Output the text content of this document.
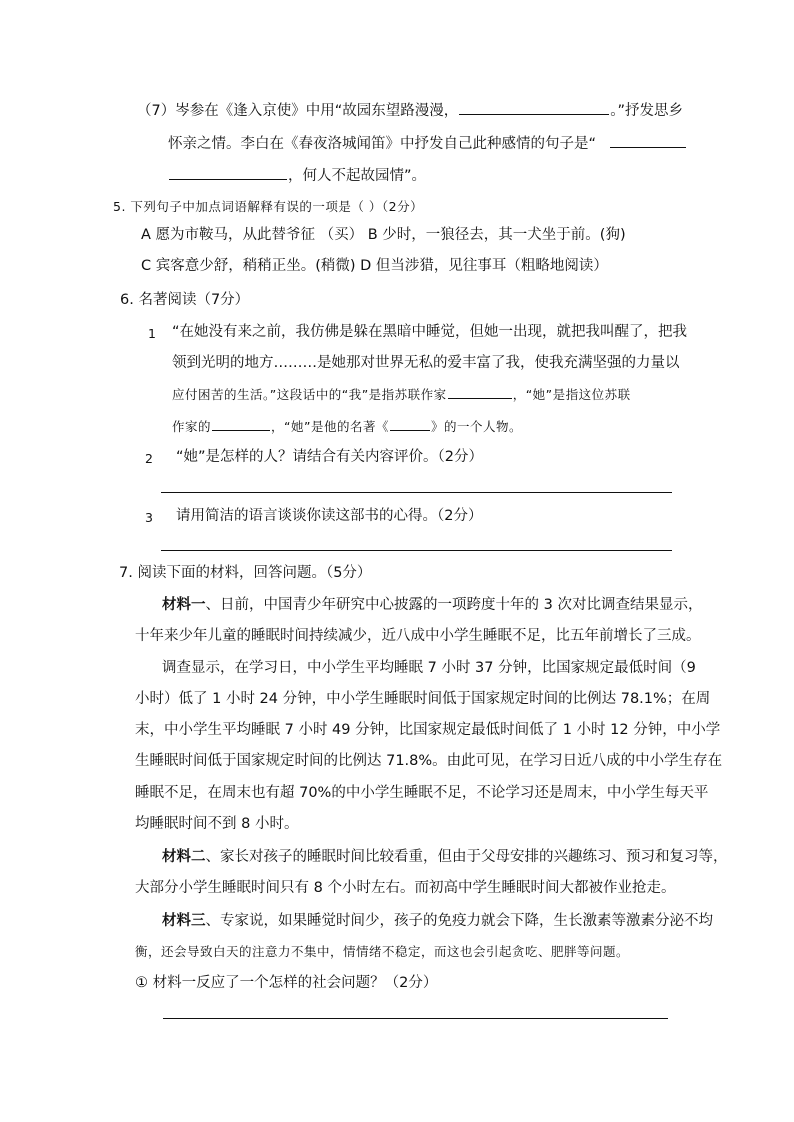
（7）岑参在《逢入京使》中用“故园东望路漫漫，	。”抒发思乡
怀亲之情。李白在《春夜洛城闻笛》中抒发自己此种感情的句子是“
，何人不起故园情”。
5. 下列句子中加点词语解释有误的一项是（ ）（2分）
A 愿为市鞍马，从此替爷征 （买） B 少时，一狼径去，其一犬坐于前。(狗)
C 宾客意少舒，稍稍正坐。(稍微) D 但当涉猎，见往事耳（粗略地阅读）
6. 名著阅读（7分）
1 “在她没有来之前，我仿佛是躲在黑暗中睡觉，但她一出现，就把我叫醒了，把我
领到光明的地方………是她那对世界无私的爱丰富了我，使我充满坚强的力量以
应付困苦的生活。”这段话中的“我”是指苏联作家	，“她”是指这位苏联
作家的	，“她”是他的名著《	》的一个人物。
2 “她”是怎样的人？请结合有关内容评价。（2分）
3 请用简洁的语言谈谈你读这部书的心得。（2分）
7. 阅读下面的材料，回答问题。（5分）
材料一、日前，中国青少年研究中心披露的一项跨度十年的 3 次对比调查结果显示，
十年来少年儿童的睡眠时间持续减少，近八成中小学生睡眠不足，比五年前增长了三成。
调查显示，在学习日，中小学生平均睡眠 7 小时 37 分钟，比国家规定最低时间（9
小时）低了 1 小时 24 分钟，中小学生睡眠时间低于国家规定时间的比例达 78.1%；在周
末，中小学生平均睡眠 7 小时 49 分钟，比国家规定最低时间低了 1 小时 12 分钟，中小学
生睡眠时间低于国家规定时间的比例达 71.8%。由此可见，在学习日近八成的中小学生存在
睡眠不足，在周末也有超 70%的中小学生睡眠不足，不论学习还是周末，中小学生每天平
均睡眠时间不到 8 小时。
材料二、家长对孩子的睡眠时间比较看重，但由于父母安排的兴趣练习、预习和复习等，
大部分小学生睡眠时间只有 8 个小时左右。而初高中学生睡眠时间大都被作业抢走。
材料三、专家说，如果睡觉时间少，孩子的免疫力就会下降，生长激素等激素分泌不均
衡，还会导致白天的注意力不集中，情情绪不稳定，而这也会引起贪吃、肥胖等问题。
① 材料一反应了一个怎样的社会问题？（2分）
